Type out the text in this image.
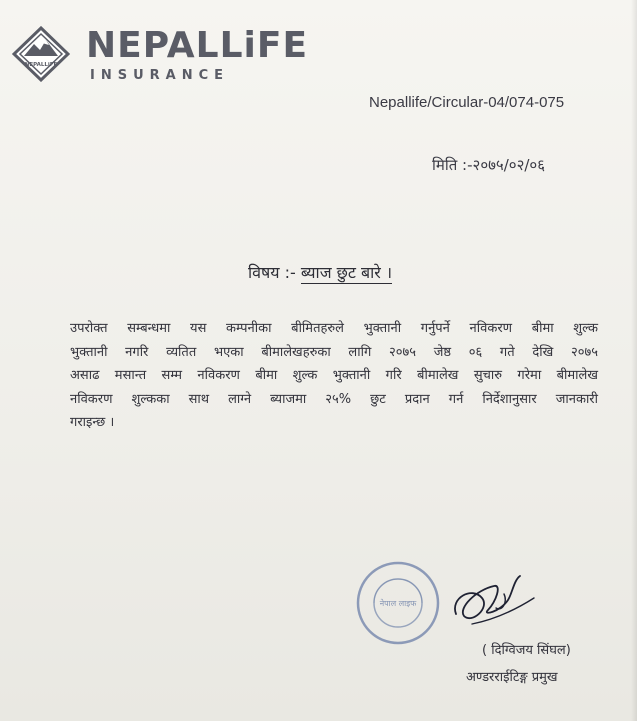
NEPALLiFE NEPALLiFE
INSURANCE
Nepallife/Circular-04/074-075
मिति :-२०७५/०२/०६
विषय :- ब्याज छुट बारे ।
उपरोक्त सम्बन्धमा यस कम्पनीका बीमितहरुले भुक्तानी गर्नुपर्ने नविकरण बीमा शुल्क
भुक्तानी नगरि व्यतित भएका बीमालेखहरुका लागि २०७५ जेष्ठ ०६ गते देखि २०७५
असाढ मसान्त सम्म नविकरण बीमा शुल्क भुक्तानी गरि बीमालेख सुचारु गरेमा बीमालेख
नविकरण शुल्कका साथ लाग्ने ब्याजमा २५% छुट प्रदान गर्न निर्देशानुसार जानकारी
गराइन्छ ।
नेपाल लाइफ
( दिग्विजय सिंघल)
अण्डरराईटिङ्ग प्रमुख
